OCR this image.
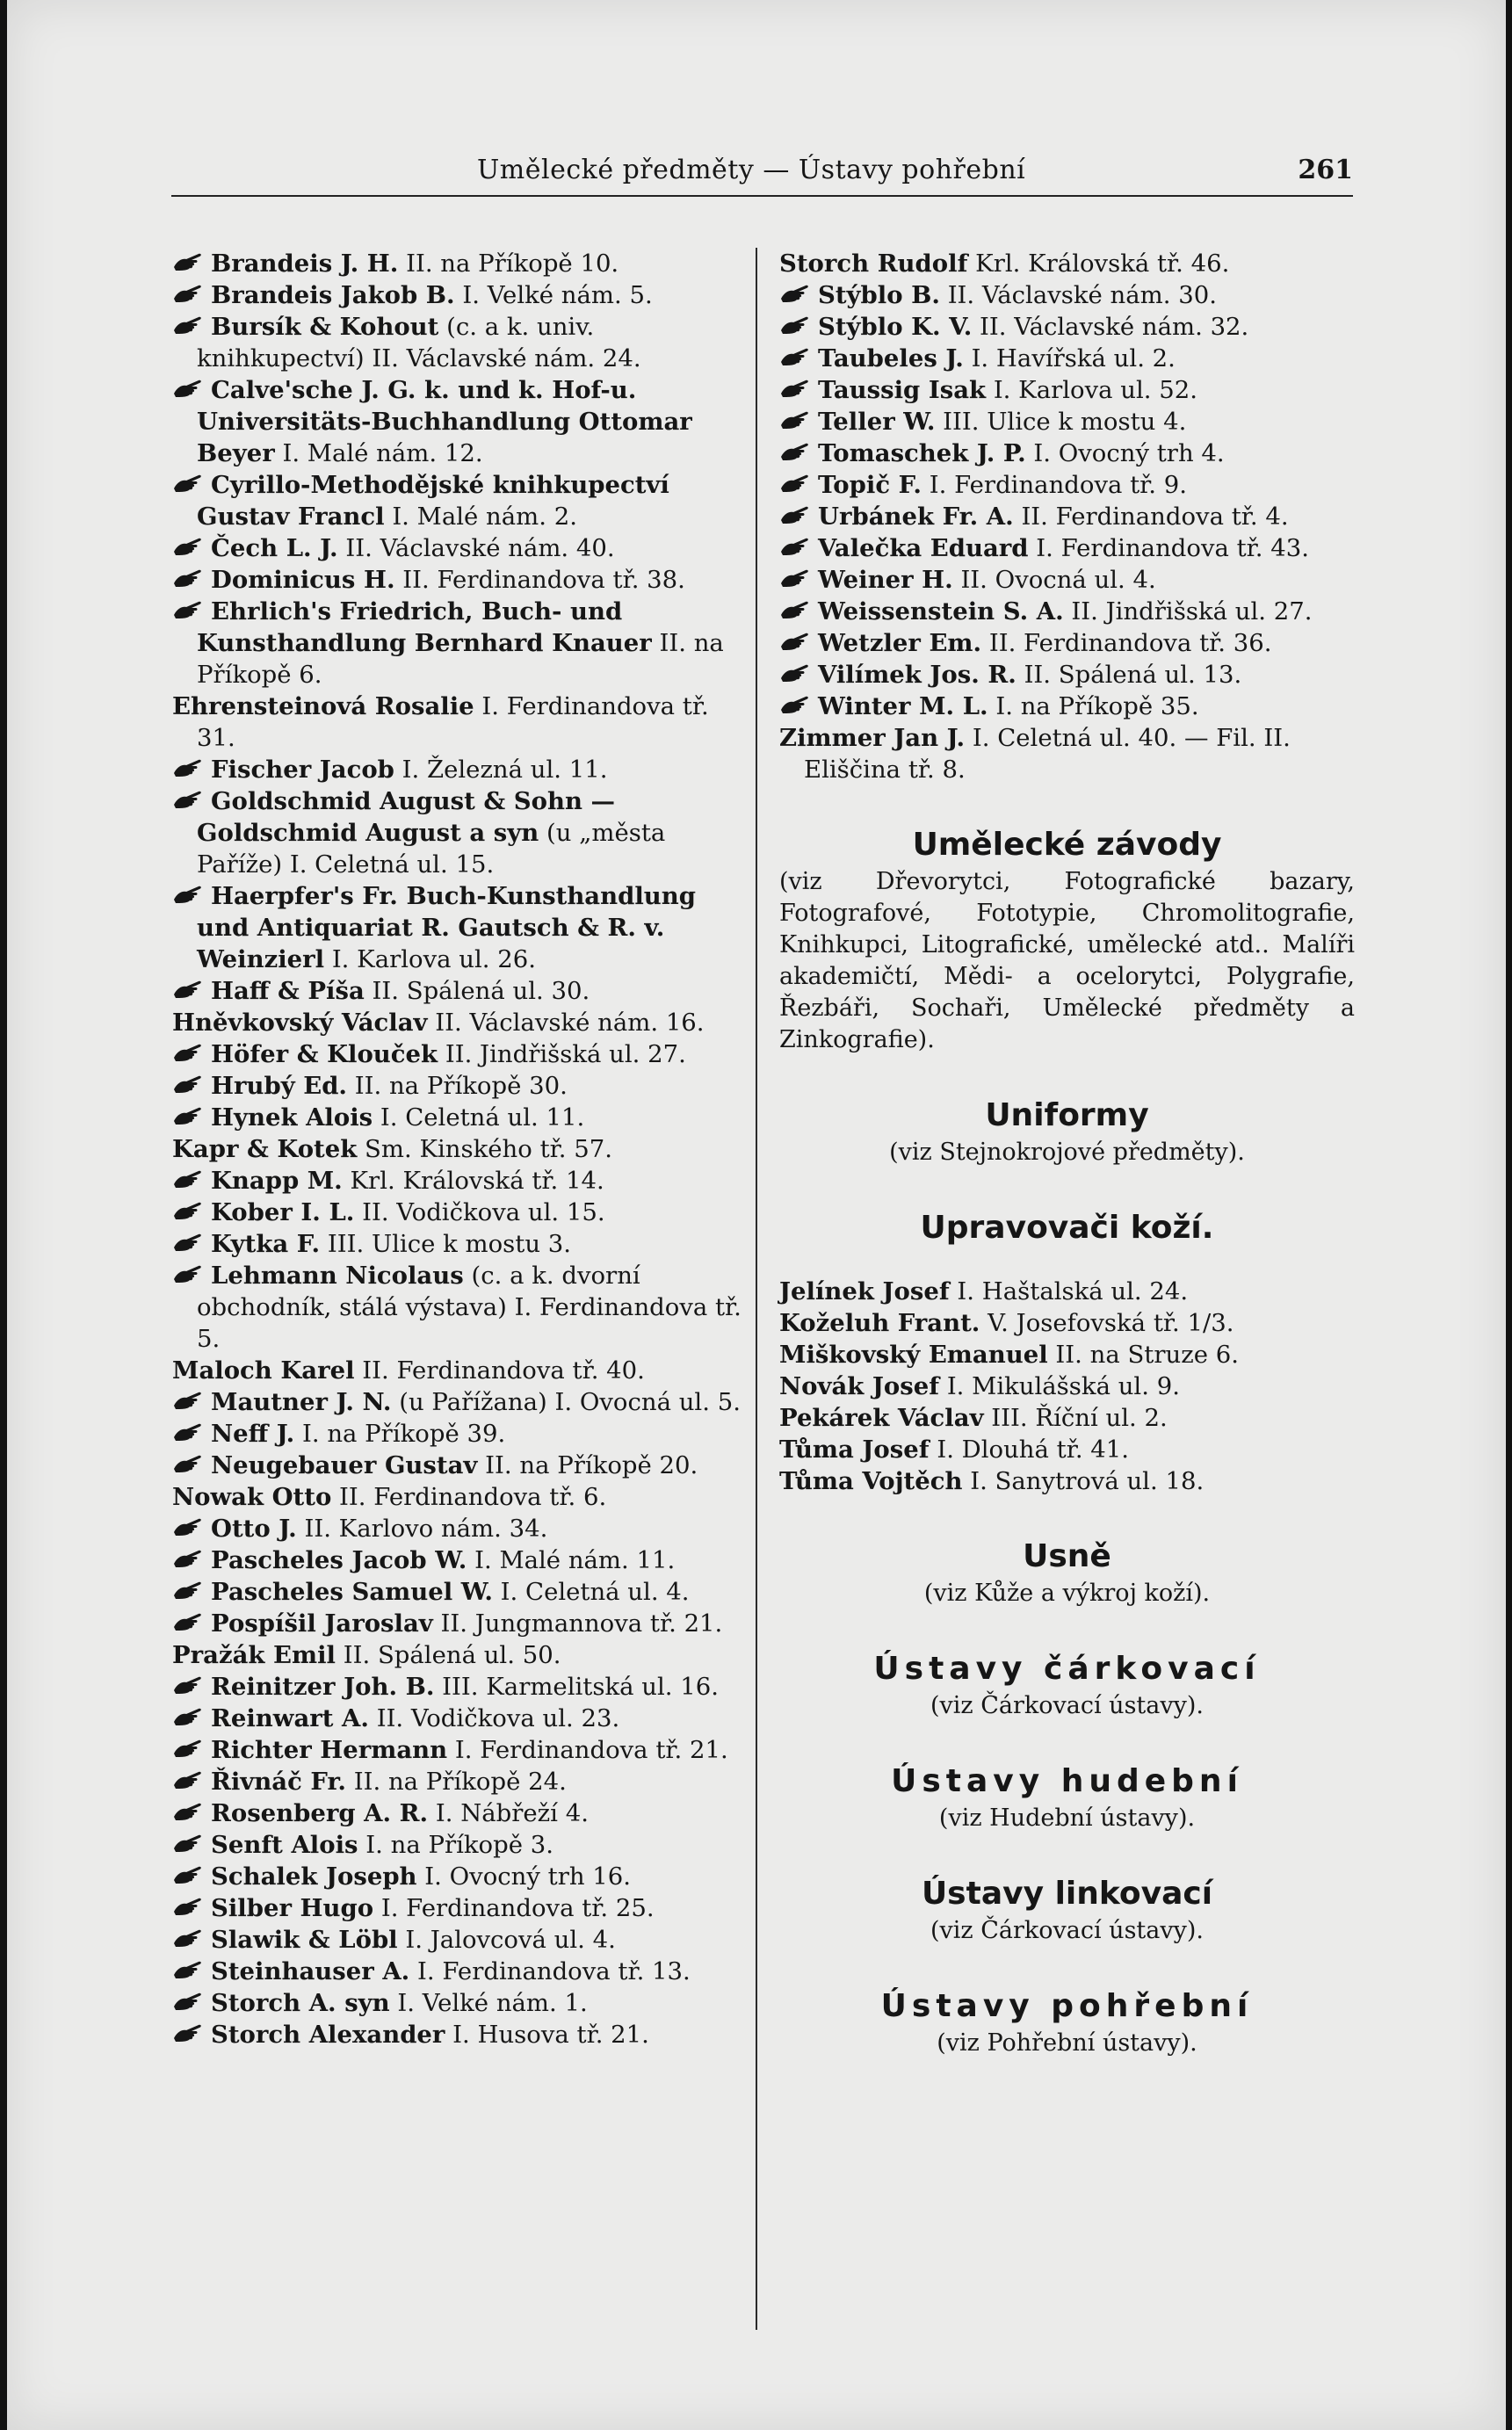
Umělecké předměty — Ústavy pohřební	261

Brandeis J. H. II. na Příkopě 10.

Brandeis Jakob B. I. Velké nám. 5.

Bursík & Kohout (c. a k. univ. knihkupectví) II. Václavské nám. 24.

Calve'sche J. G. k. und k. Hof-u. Universitäts-Buchhandlung Ottomar Beyer I. Malé nám. 12.

Cyrillo-Methodějské knihkupectví Gustav Francl I. Malé nám. 2.

Čech L. J. II. Václavské nám. 40.

Dominicus H. II. Ferdinandova tř. 38.

Ehrlich's Friedrich, Buch- und Kunsthandlung Bernhard Knauer II. na Příkopě 6.

Ehrensteinová Rosalie I. Ferdinandova tř. 31.

Fischer Jacob I. Železná ul. 11.

Goldschmid August & Sohn — Goldschmid August a syn (u „města Paříže) I. Celetná ul. 15.

Haerpfer's Fr. Buch-Kunsthandlung und Antiquariat R. Gautsch & R. v. Weinzierl I. Karlova ul. 26.

Haff & Píša II. Spálená ul. 30.

Hněvkovský Václav II. Václavské nám. 16.

Höfer & Klouček II. Jindřišská ul. 27.

Hrubý Ed. II. na Příkopě 30.

Hynek Alois I. Celetná ul. 11.

Kapr & Kotek Sm. Kinského tř. 57.

Knapp M. Krl. Královská tř. 14.

Kober I. L. II. Vodičkova ul. 15.

Kytka F. III. Ulice k mostu 3.

Lehmann Nicolaus (c. a k. dvorní obchodník, stálá výstava) I. Ferdinandova tř. 5.

Maloch Karel II. Ferdinandova tř. 40.

Mautner J. N. (u Pařížana) I. Ovocná ul. 5.

Neff J. I. na Příkopě 39.

Neugebauer Gustav II. na Příkopě 20.

Nowak Otto II. Ferdinandova tř. 6.

Otto J. II. Karlovo nám. 34.

Pascheles Jacob W. I. Malé nám. 11.

Pascheles Samuel W. I. Celetná ul. 4.

Pospíšil Jaroslav II. Jungmannova tř. 21.

Pražák Emil II. Spálená ul. 50.

Reinitzer Joh. B. III. Karmelitská ul. 16.

Reinwart A. II. Vodičkova ul. 23.

Richter Hermann I. Ferdinandova tř. 21.

Řivnáč Fr. II. na Příkopě 24.

Rosenberg A. R. I. Nábřeží 4.

Senft Alois I. na Příkopě 3.

Schalek Joseph I. Ovocný trh 16.

Silber Hugo I. Ferdinandova tř. 25.

Slawik & Löbl I. Jalovcová ul. 4.

Steinhauser A. I. Ferdinandova tř. 13.

Storch A. syn I. Velké nám. 1.

Storch Alexander I. Husova tř. 21.

Storch Rudolf Krl. Královská tř. 46.

Stýblo B. II. Václavské nám. 30.

Stýblo K. V. II. Václavské nám. 32.

Taubeles J. I. Havířská ul. 2.

Taussig Isak I. Karlova ul. 52.

Teller W. III. Ulice k mostu 4.

Tomaschek J. P. I. Ovocný trh 4.

Topič F. I. Ferdinandova tř. 9.

Urbánek Fr. A. II. Ferdinandova tř. 4.

Valečka Eduard I. Ferdinandova tř. 43.

Weiner H. II. Ovocná ul. 4.

Weissenstein S. A. II. Jindřišská ul. 27.

Wetzler Em. II. Ferdinandova tř. 36.

Vilímek Jos. R. II. Spálená ul. 13.

Winter M. L. I. na Příkopě 35.

Zimmer Jan J. I. Celetná ul. 40. — Fil. II. Eliščina tř. 8.

Umělecké závody

(viz Dřevorytci, Fotografické bazary, Fotografové, Fototypie, Chromolitografie, Knihkupci, Litografické, umělecké atd.. Malíři akademičtí, Mědi- a ocelorytci, Polygrafie, Řezbáři, Sochaři, Umělecké předměty a Zinkografie).

Uniformy
(viz Stejnokrojové předměty).
Upravovači koží.

Jelínek Josef I. Haštalská ul. 24.

Koželuh Frant. V. Josefovská tř. 1/3.

Miškovský Emanuel II. na Struze 6.

Novák Josef I. Mikulášská ul. 9.

Pekárek Václav III. Říční ul. 2.

Tůma Josef I. Dlouhá tř. 41.

Tůma Vojtěch I. Sanytrová ul. 18.

Usně
(viz Kůže a výkroj koží).
Ústavy čárkovací
(viz Čárkovací ústavy).
Ústavy hudební
(viz Hudební ústavy).
Ústavy linkovací
(viz Čárkovací ústavy).
Ústavy pohřební
(viz Pohřební ústavy).
